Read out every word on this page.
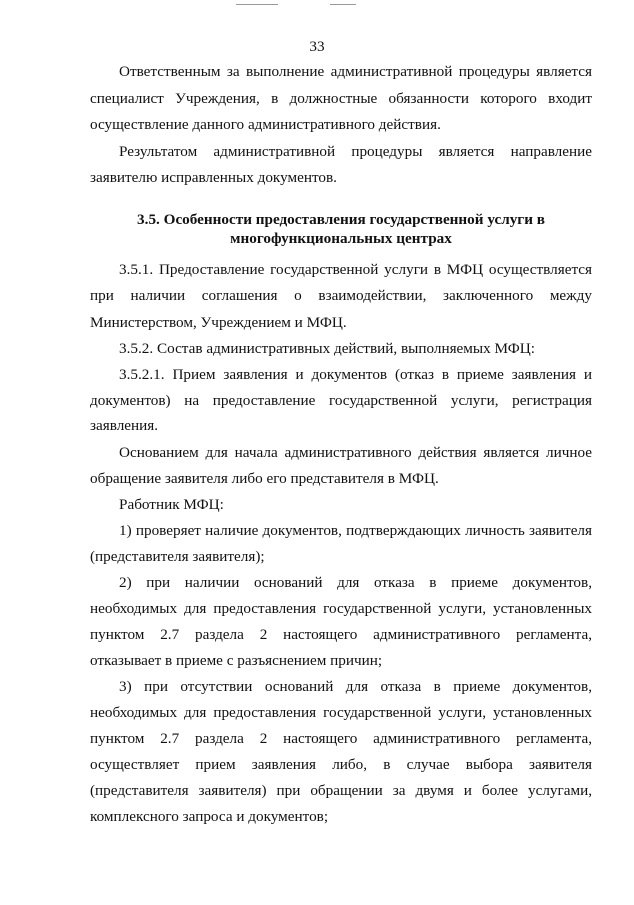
33

Ответственным за выполнение административной процедуры является

специалист Учреждения, в должностные обязанности которого входит

осуществление данного административного действия.

Результатом административной процедуры является направление

заявителю исправленных документов.

3.5. Особенности предоставления государственной услуги в

многофункциональных центрах

3.5.1. Предоставление государственной услуги в МФЦ осуществляется

при наличии соглашения о взаимодействии, заключенного между

Министерством, Учреждением и МФЦ.

3.5.2. Состав административных действий, выполняемых МФЦ:

3.5.2.1. Прием заявления и документов (отказ в приеме заявления и

документов) на предоставление государственной услуги, регистрация

заявления.

Основанием для начала административного действия является личное

обращение заявителя либо его представителя в МФЦ.

Работник МФЦ:

1) проверяет наличие документов, подтверждающих личность заявителя

(представителя заявителя);

2) при наличии оснований для отказа в приеме документов,

необходимых для предоставления государственной услуги, установленных

пунктом 2.7 раздела 2 настоящего административного регламента,

отказывает в приеме с разъяснением причин;

3) при отсутствии оснований для отказа в приеме документов,

необходимых для предоставления государственной услуги, установленных

пунктом 2.7 раздела 2 настоящего административного регламента,

осуществляет прием заявления либо, в случае выбора заявителя

(представителя заявителя) при обращении за двумя и более услугами,

комплексного запроса и документов;
